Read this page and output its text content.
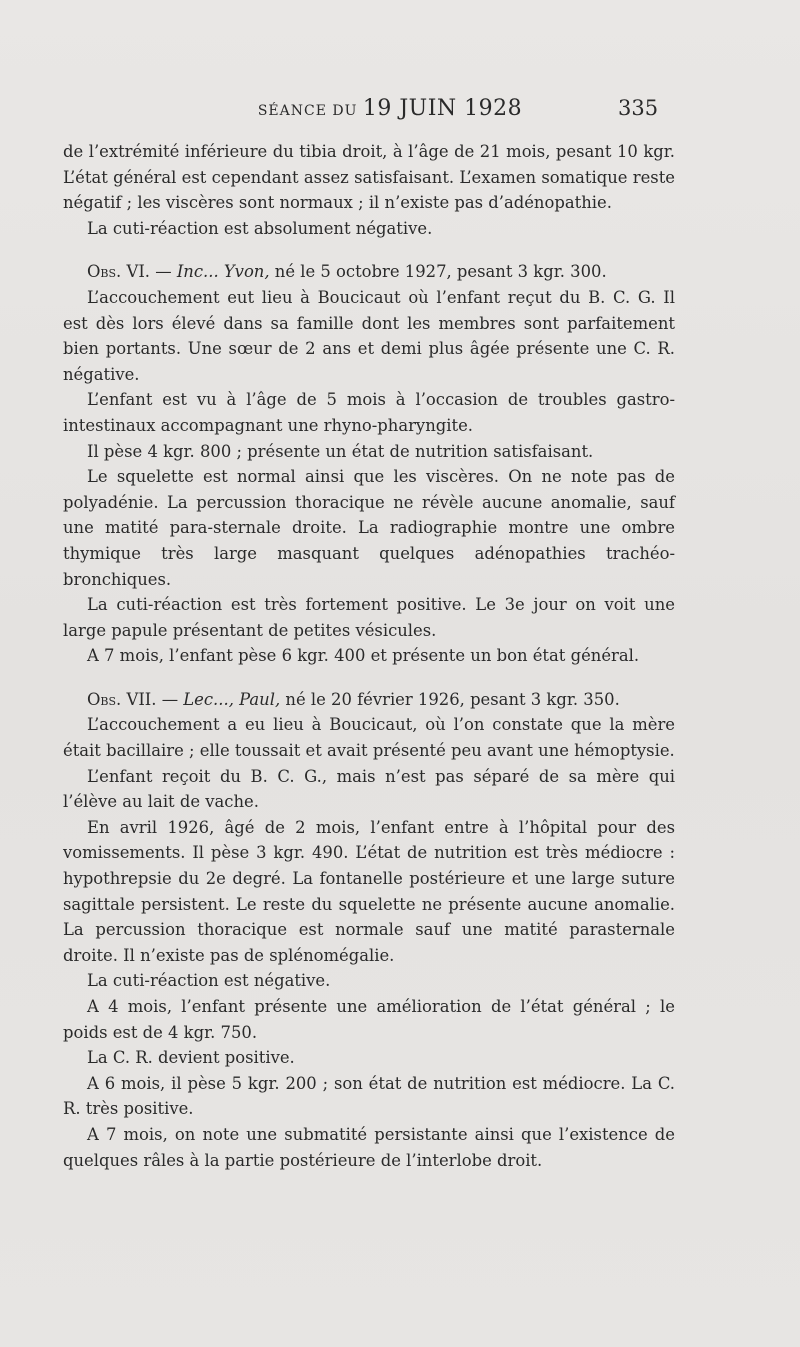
SÉANCE DU 19 JUIN 1928	335

de l’extrémité inférieure du tibia droit, à l’âge de 21 mois, pesant 10 kgr. L’état général est cependant assez satisfaisant. L’examen somatique reste négatif ; les viscères sont normaux ; il n’existe pas d’adénopathie.

La cuti-réaction est absolument négative.

Obs. VI. — Inc... Yvon, né le 5 octobre 1927, pesant 3 kgr. 300.

L’accouchement eut lieu à Boucicaut où l’enfant reçut du B. C. G. Il est dès lors élevé dans sa famille dont les membres sont parfaitement bien portants. Une sœur de 2 ans et demi plus âgée présente une C. R. négative.

L’enfant est vu à l’âge de 5 mois à l’occasion de troubles gastro-intestinaux accompagnant une rhyno-pharyngite.

Il pèse 4 kgr. 800 ; présente un état de nutrition satisfaisant.

Le squelette est normal ainsi que les viscères. On ne note pas de polyadénie. La percussion thoracique ne révèle aucune anomalie, sauf une matité para-sternale droite. La radiographie montre une ombre thymique très large masquant quelques adénopathies trachéo-bronchiques.

La cuti-réaction est très fortement positive. Le 3e jour on voit une large papule présentant de petites vésicules.

A 7 mois, l’enfant pèse 6 kgr. 400 et présente un bon état général.

Obs. VII. — Lec..., Paul, né le 20 février 1926, pesant 3 kgr. 350.

L’accouchement a eu lieu à Boucicaut, où l’on constate que la mère était bacillaire ; elle toussait et avait présenté peu avant une hémoptysie.

L’enfant reçoit du B. C. G., mais n’est pas séparé de sa mère qui l’élève au lait de vache.

En avril 1926, âgé de 2 mois, l’enfant entre à l’hôpital pour des vomissements. Il pèse 3 kgr. 490. L’état de nutrition est très médiocre : hypothrepsie du 2e degré. La fontanelle postérieure et une large suture sagittale persistent. Le reste du squelette ne présente aucune anomalie. La percussion thoracique est normale sauf une matité parasternale droite. Il n’existe pas de splénomégalie.

La cuti-réaction est négative.

A 4 mois, l’enfant présente une amélioration de l’état général ; le poids est de 4 kgr. 750.

La C. R. devient positive.

A 6 mois, il pèse 5 kgr. 200 ; son état de nutrition est médiocre. La C. R. très positive.

A 7 mois, on note une submatité persistante ainsi que l’existence de quelques râles à la partie postérieure de l’interlobe droit.
